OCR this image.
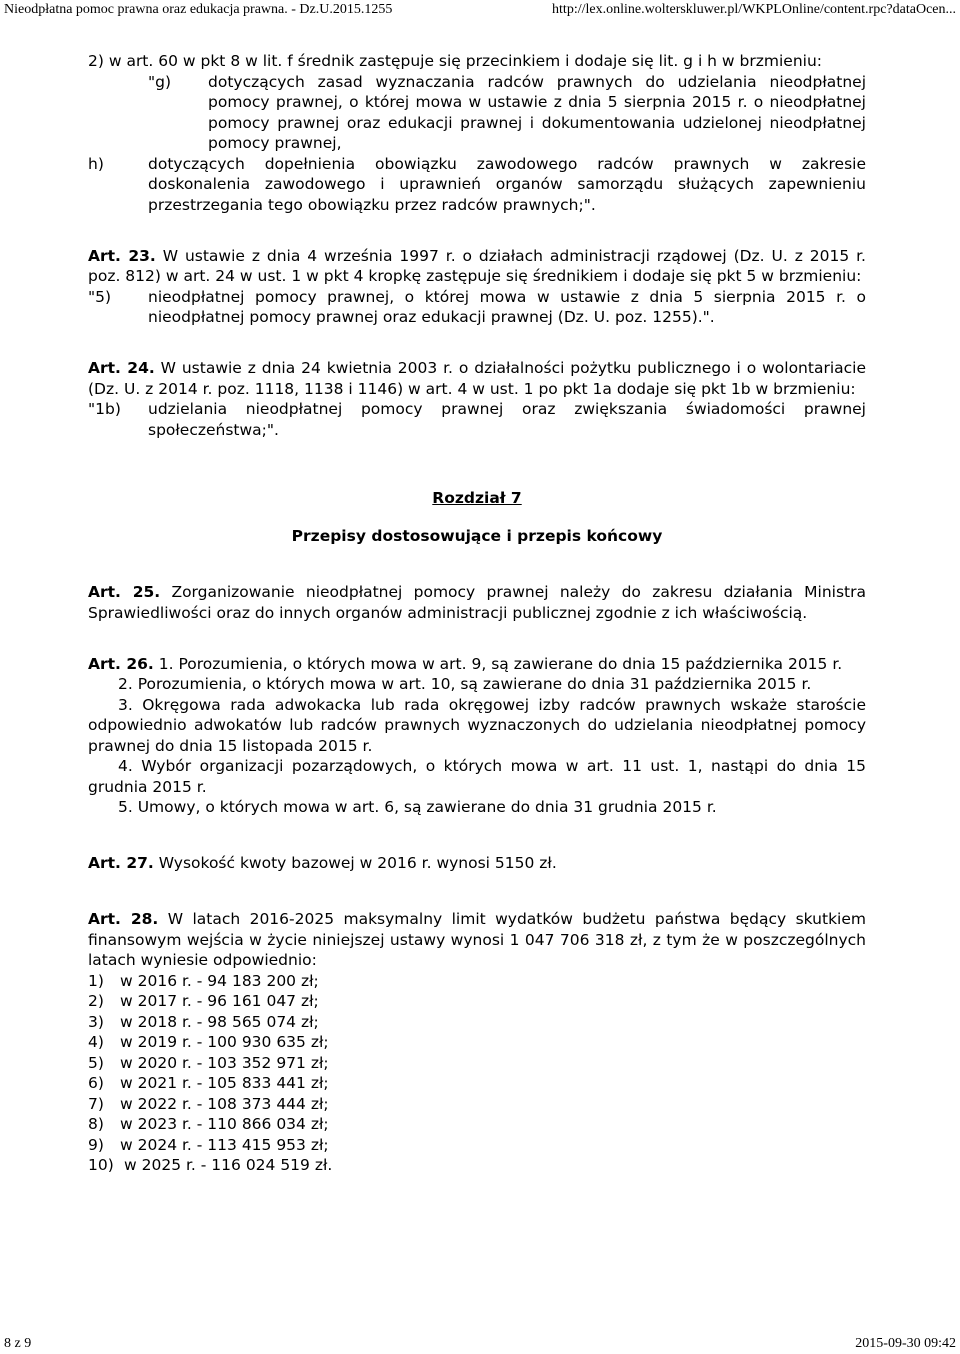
Nieodpłatna pomoc prawna oraz edukacja prawna. - Dz.U.2015.1255	http://lex.online.wolterskluwer.pl/WKPLOnline/content.rpc?dataOcen...

2) w art. 60 w pkt 8 w lit. f średnik zastępuje się przecinkiem i dodaje się lit. g i h w brzmieniu:

"g)	dotyczących zasad wyznaczania radców prawnych do udzielania nieodpłatnej pomocy prawnej, o której mowa w ustawie z dnia 5 sierpnia 2015 r. o nieodpłatnej pomocy prawnej oraz edukacji prawnej i dokumentowania udzielonej nieodpłatnej pomocy prawnej,
h)	dotyczących dopełnienia obowiązku zawodowego radców prawnych w zakresie doskonalenia zawodowego i uprawnień organów samorządu służących zapewnieniu przestrzegania tego obowiązku przez radców prawnych;".

Art. 23. W ustawie z dnia 4 września 1997 r. o działach administracji rządowej (Dz. U. z 2015 r. poz. 812) w art. 24 w ust. 1 w pkt 4 kropkę zastępuje się średnikiem i dodaje się pkt 5 w brzmieniu:

"5)	nieodpłatnej pomocy prawnej, o której mowa w ustawie z dnia 5 sierpnia 2015 r. o nieodpłatnej pomocy prawnej oraz edukacji prawnej (Dz. U. poz. 1255).".

Art. 24. W ustawie z dnia 24 kwietnia 2003 r. o działalności pożytku publicznego i o wolontariacie (Dz. U. z 2014 r. poz. 1118, 1138 i 1146) w art. 4 w ust. 1 po pkt 1a dodaje się pkt 1b w brzmieniu:

"1b)	udzielania nieodpłatnej pomocy prawnej oraz zwiększania świadomości prawnej społeczeństwa;".

Rozdział 7

Przepisy dostosowujące i przepis końcowy

Art. 25. Zorganizowanie nieodpłatnej pomocy prawnej należy do zakresu działania Ministra Sprawiedliwości oraz do innych organów administracji publicznej zgodnie z ich właściwością.

Art. 26. 1. Porozumienia, o których mowa w art. 9, są zawierane do dnia 15 października 2015 r.

2. Porozumienia, o których mowa w art. 10, są zawierane do dnia 31 października 2015 r.

3. Okręgowa rada adwokacka lub rada okręgowej izby radców prawnych wskaże staroście odpowiednio adwokatów lub radców prawnych wyznaczonych do udzielania nieodpłatnej pomocy prawnej do dnia 15 listopada 2015 r.

4. Wybór organizacji pozarządowych, o których mowa w art. 11 ust. 1, nastąpi do dnia 15 grudnia 2015 r.

5. Umowy, o których mowa w art. 6, są zawierane do dnia 31 grudnia 2015 r.

Art. 27. Wysokość kwoty bazowej w 2016 r. wynosi 5150 zł.

Art. 28. W latach 2016-2025 maksymalny limit wydatków budżetu państwa będący skutkiem finansowym wejścia w życie niniejszej ustawy wynosi 1 047 706 318 zł, z tym że w poszczególnych latach wyniesie odpowiednio:

1)	w 2016 r. - 94 183 200 zł;
2)	w 2017 r. - 96 161 047 zł;
3)	w 2018 r. - 98 565 074 zł;
4)	w 2019 r. - 100 930 635 zł;
5)	w 2020 r. - 103 352 971 zł;
6)	w 2021 r. - 105 833 441 zł;
7)	w 2022 r. - 108 373 444 zł;
8)	w 2023 r. - 110 866 034 zł;
9)	w 2024 r. - 113 415 953 zł;
10) w 2025 r. - 116 024 519 zł.
8 z 9	2015-09-30 09:42
